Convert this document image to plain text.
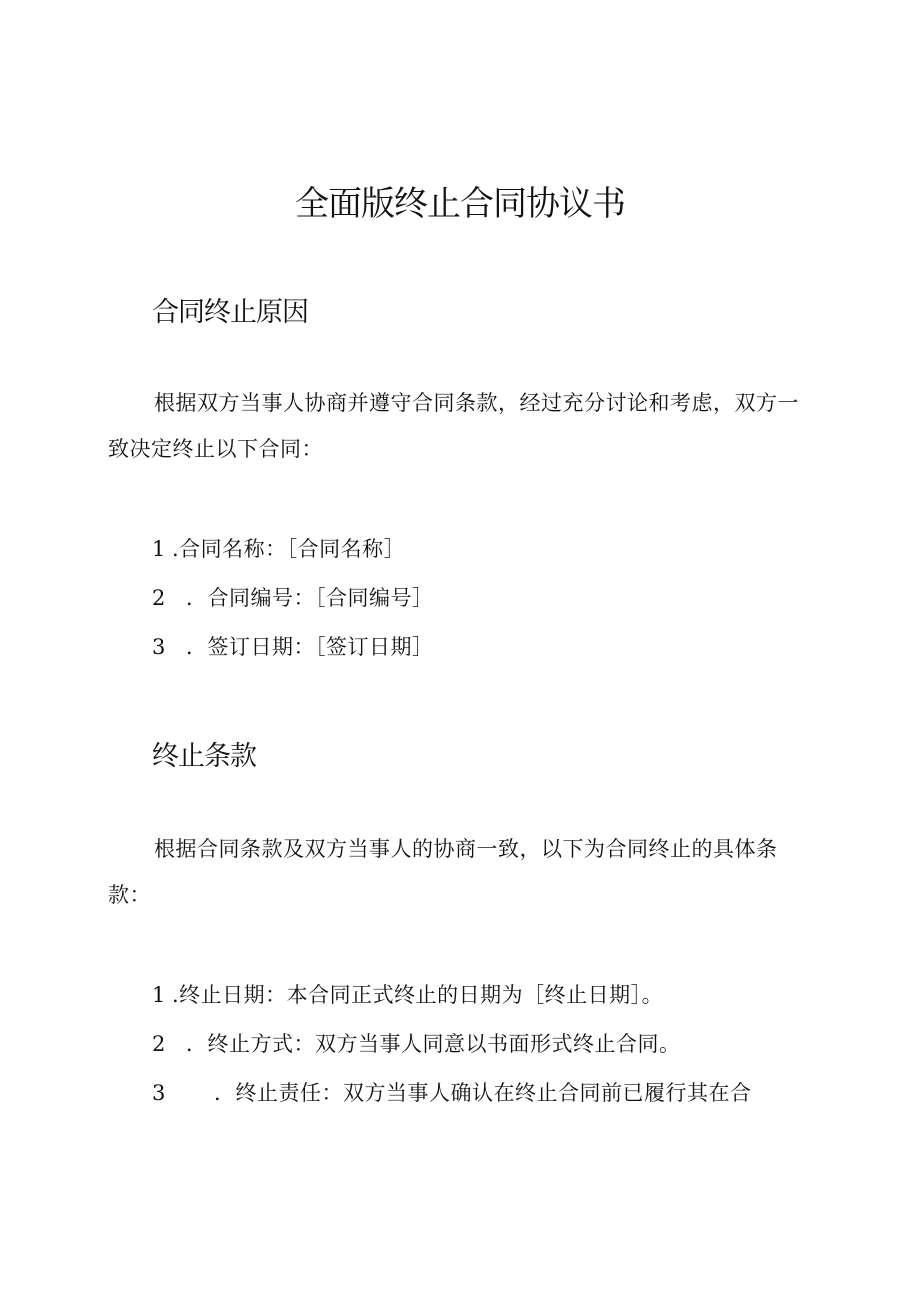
全面版终止合同协议书
合同终止原因

根据双方当事人协商并遵守合同条款，经过充分讨论和考虑，双方一致决定终止以下合同：

1 .合同名称：［合同名称］

2 ．合同编号：［合同编号］

3 ．签订日期：［签订日期］

终止条款

根据合同条款及双方当事人的协商一致，以下为合同终止的具体条款：

1 .终止日期：本合同正式终止的日期为［终止日期］。

2 ．终止方式：双方当事人同意以书面形式终止合同。

3 ．终止责任：双方当事人确认在终止合同前已履行其在合
